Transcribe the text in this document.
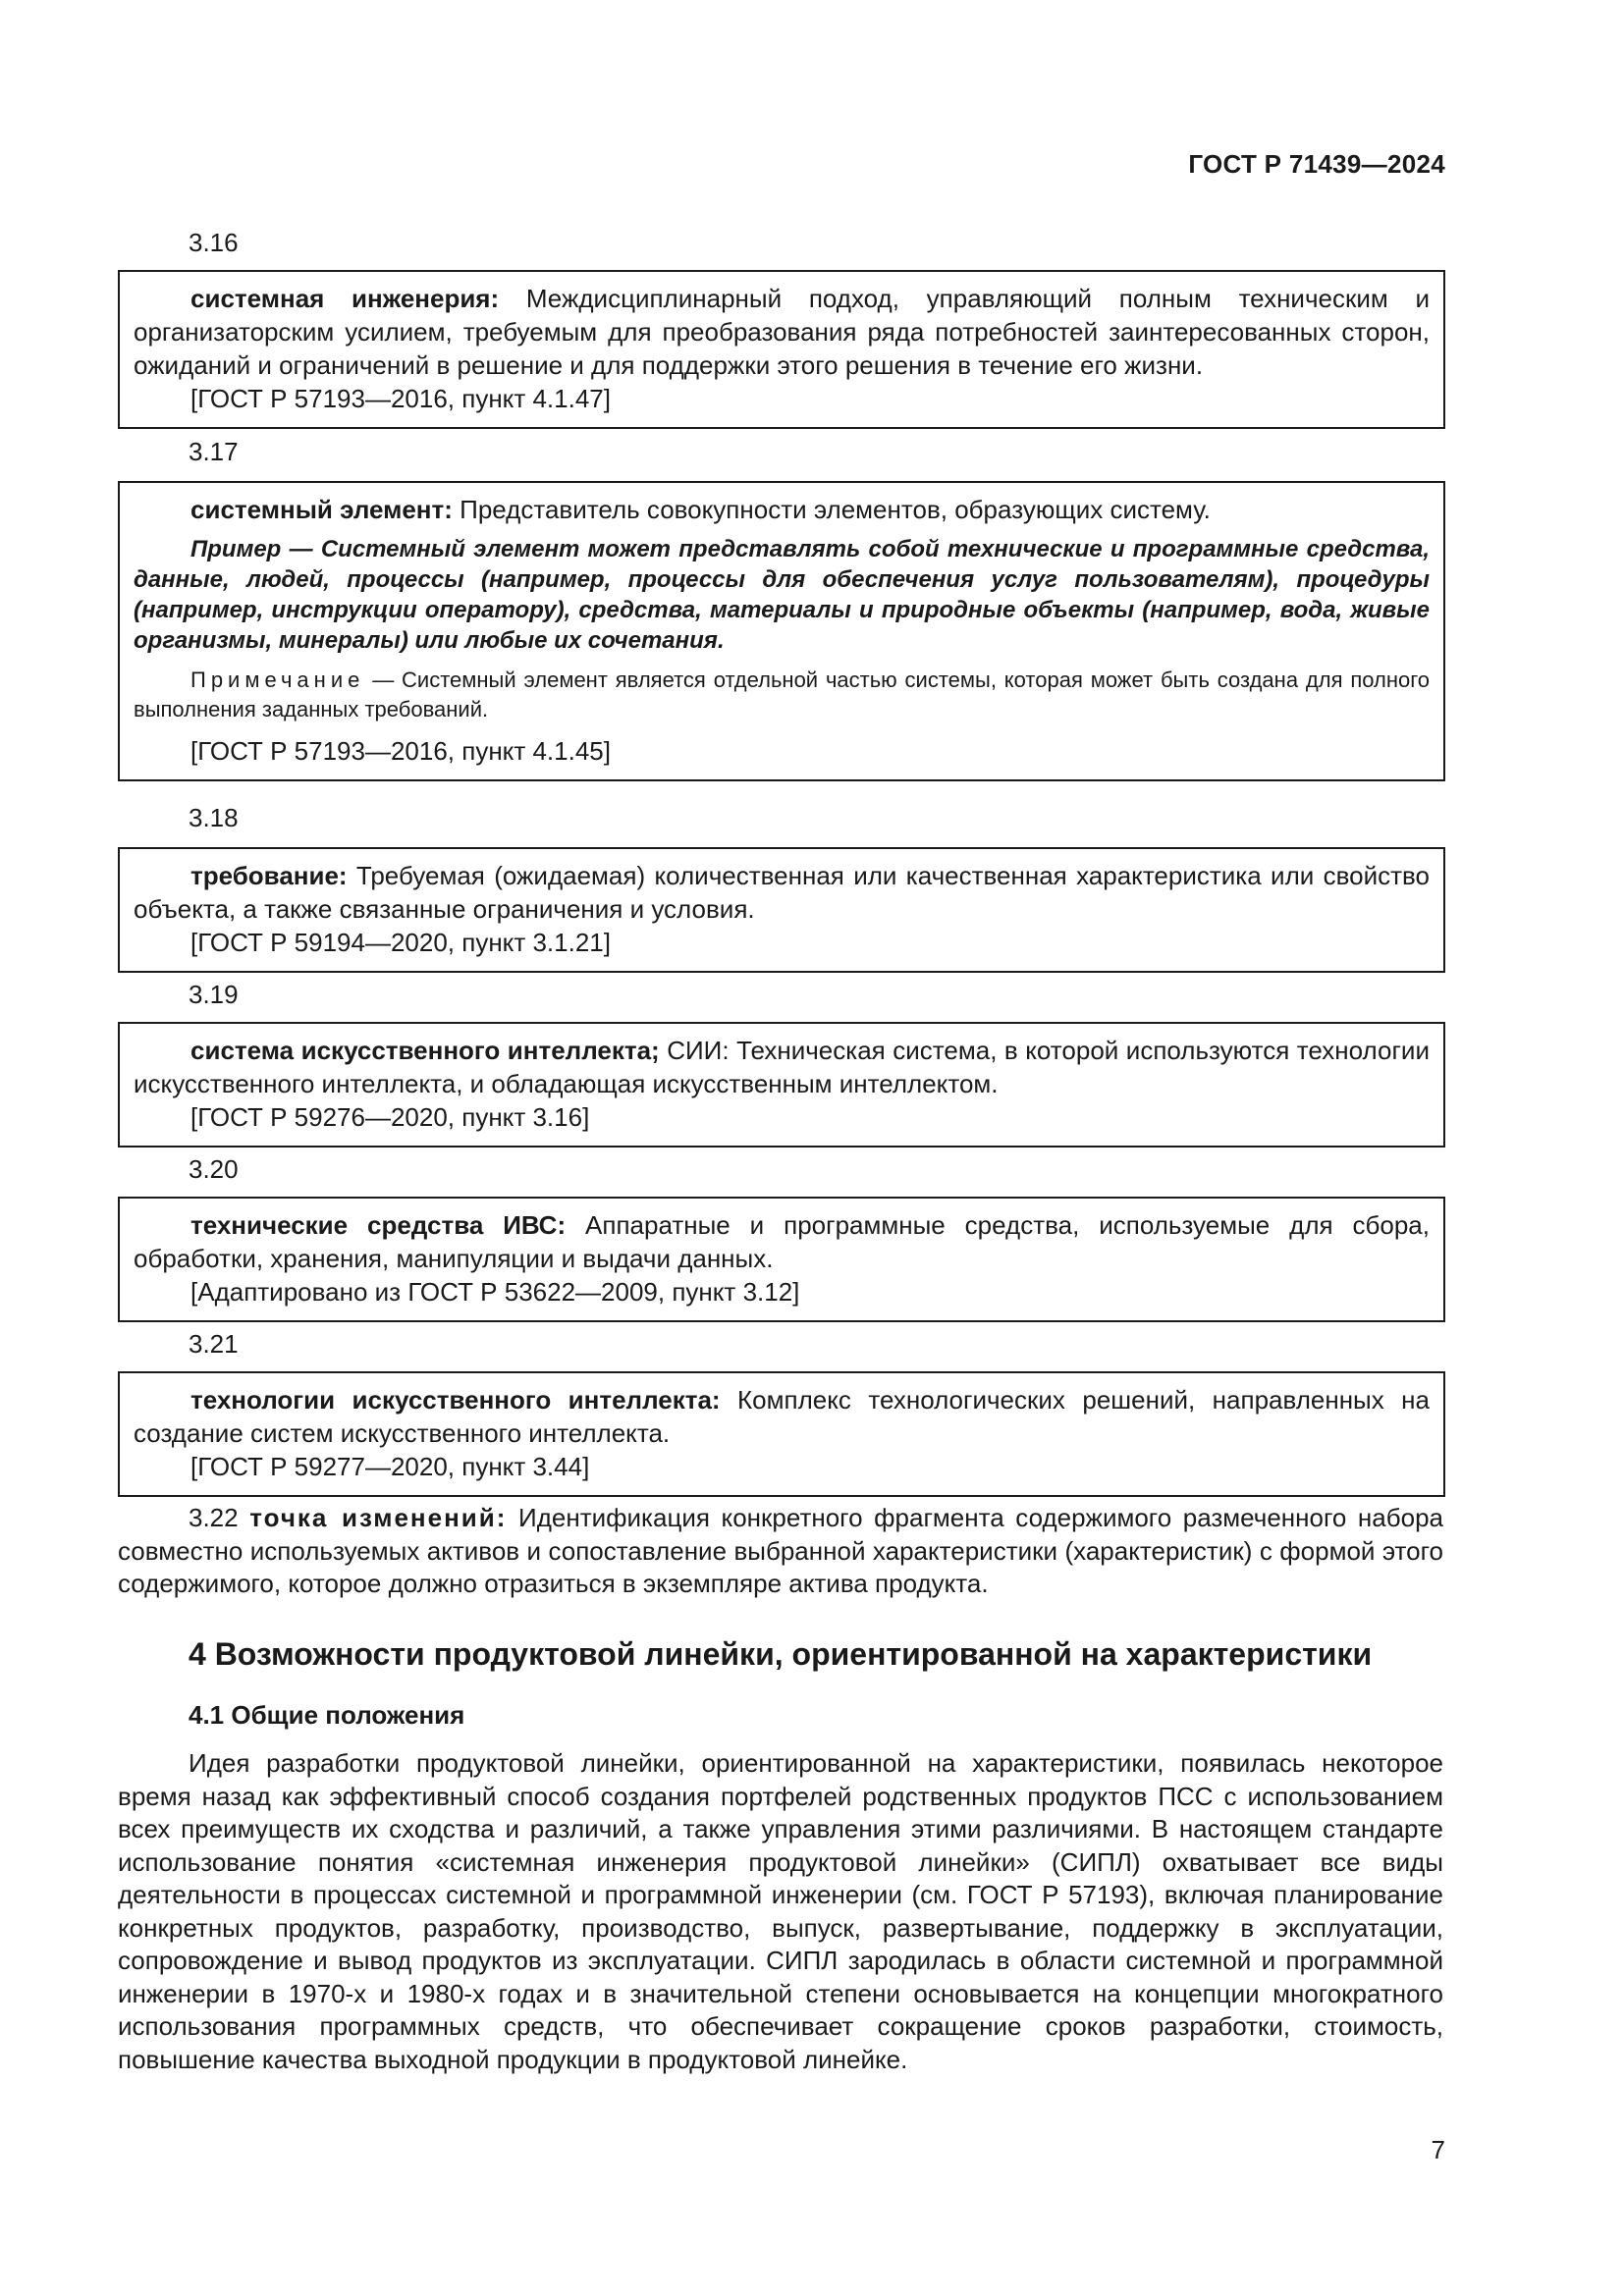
ГОСТ Р 71439—2024
3.16
системная инженерия: Междисциплинарный подход, управляющий полным техническим и организаторским усилием, требуемым для преобразования ряда потребностей заинтересованных сторон, ожиданий и ограничений в решение и для поддержки этого решения в течение его жизни.
[ГОСТ Р 57193—2016, пункт 4.1.47]
3.17
системный элемент: Представитель совокупности элементов, образующих систему.
Пример — Системный элемент может представлять собой технические и программные средства, данные, людей, процессы (например, процессы для обеспечения услуг пользователям), процедуры (например, инструкции оператору), средства, материалы и природные объекты (например, вода, живые организмы, минералы) или любые их сочетания.
Примечание — Системный элемент является отдельной частью системы, которая может быть создана для полного выполнения заданных требований.
[ГОСТ Р 57193—2016, пункт 4.1.45]
3.18
требование: Требуемая (ожидаемая) количественная или качественная характеристика или свойство объекта, а также связанные ограничения и условия.
[ГОСТ Р 59194—2020, пункт 3.1.21]
3.19
система искусственного интеллекта; СИИ: Техническая система, в которой используются технологии искусственного интеллекта, и обладающая искусственным интеллектом.
[ГОСТ Р 59276—2020, пункт 3.16]
3.20
технические средства ИВС: Аппаратные и программные средства, используемые для сбора, обработки, хранения, манипуляции и выдачи данных.
[Адаптировано из ГОСТ Р 53622—2009, пункт 3.12]
3.21
технологии искусственного интеллекта: Комплекс технологических решений, направленных на создание систем искусственного интеллекта.
[ГОСТ Р 59277—2020, пункт 3.44]
3.22 точка изменений: Идентификация конкретного фрагмента содержимого размеченного набора совместно используемых активов и сопоставление выбранной характеристики (характеристик) с формой этого содержимого, которое должно отразиться в экземпляре актива продукта.
4 Возможности продуктовой линейки, ориентированной на характеристики
4.1 Общие положения
Идея разработки продуктовой линейки, ориентированной на характеристики, появилась некоторое время назад как эффективный способ создания портфелей родственных продуктов ПСС с использованием всех преимуществ их сходства и различий, а также управления этими различиями. В настоящем стандарте использование понятия «системная инженерия продуктовой линейки» (СИПЛ) охватывает все виды деятельности в процессах системной и программной инженерии (см. ГОСТ Р 57193), включая планирование конкретных продуктов, разработку, производство, выпуск, развертывание, поддержку в эксплуатации, сопровождение и вывод продуктов из эксплуатации. СИПЛ зародилась в области системной и программной инженерии в 1970-х и 1980-х годах и в значительной степени основывается на концепции многократного использования программных средств, что обеспечивает сокращение сроков разработки, стоимость, повышение качества выходной продукции в продуктовой линейке.
7
